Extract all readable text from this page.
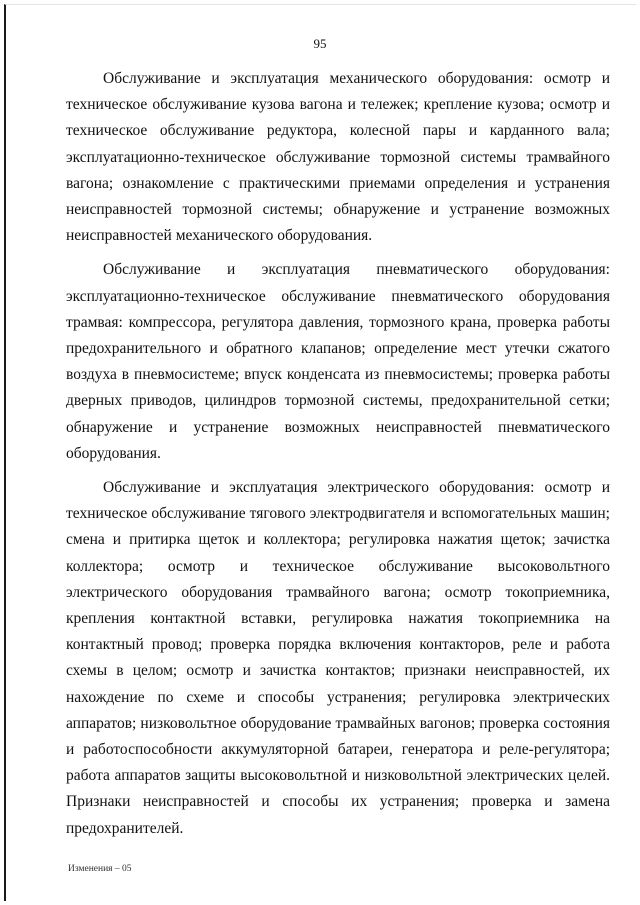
95

Обслуживание и эксплуатация механического оборудования: осмотр и техническое обслуживание кузова вагона и тележек; крепление кузова; осмотр и техническое обслуживание редуктора, колесной пары и карданного вала; эксплуатационно-техническое обслуживание тормозной системы трамвайного вагона; ознакомление с практическими приемами определения и устранения неисправностей тормозной системы; обнаружение и устранение возможных неисправностей механического оборудования.

Обслуживание и эксплуатация пневматического оборудования: эксплуатационно-техническое обслуживание пневматического оборудования трамвая: компрессора, регулятора давления, тормозного крана, проверка работы предохранительного и обратного клапанов; определение мест утечки сжатого воздуха в пневмосистеме; впуск конденсата из пневмосистемы; проверка работы дверных приводов, цилиндров тормозной системы, предохранительной сетки; обнаружение и устранение возможных неисправностей пневматического оборудования.

Обслуживание и эксплуатация электрического оборудования: осмотр и техническое обслуживание тягового электродвигателя и вспомогательных машин; смена и притирка щеток и коллектора; регулировка нажатия щеток; зачистка коллектора; осмотр и техническое обслуживание высоковольтного электрического оборудования трамвайного вагона; осмотр токоприемника, крепления контактной вставки, регулировка нажатия токоприемника на контактный провод; проверка порядка включения контакторов, реле и работа схемы в целом; осмотр и зачистка контактов; признаки неисправностей, их нахождение по схеме и способы устранения; регулировка электрических аппаратов; низковольтное оборудование трамвайных вагонов; проверка состояния и работоспособности аккумуляторной батареи, генератора и реле-регулятора; работа аппаратов защиты высоковольтной и низковольтной электрических целей. Признаки неисправностей и способы их устранения; проверка и замена предохранителей.

Изменения – 05
